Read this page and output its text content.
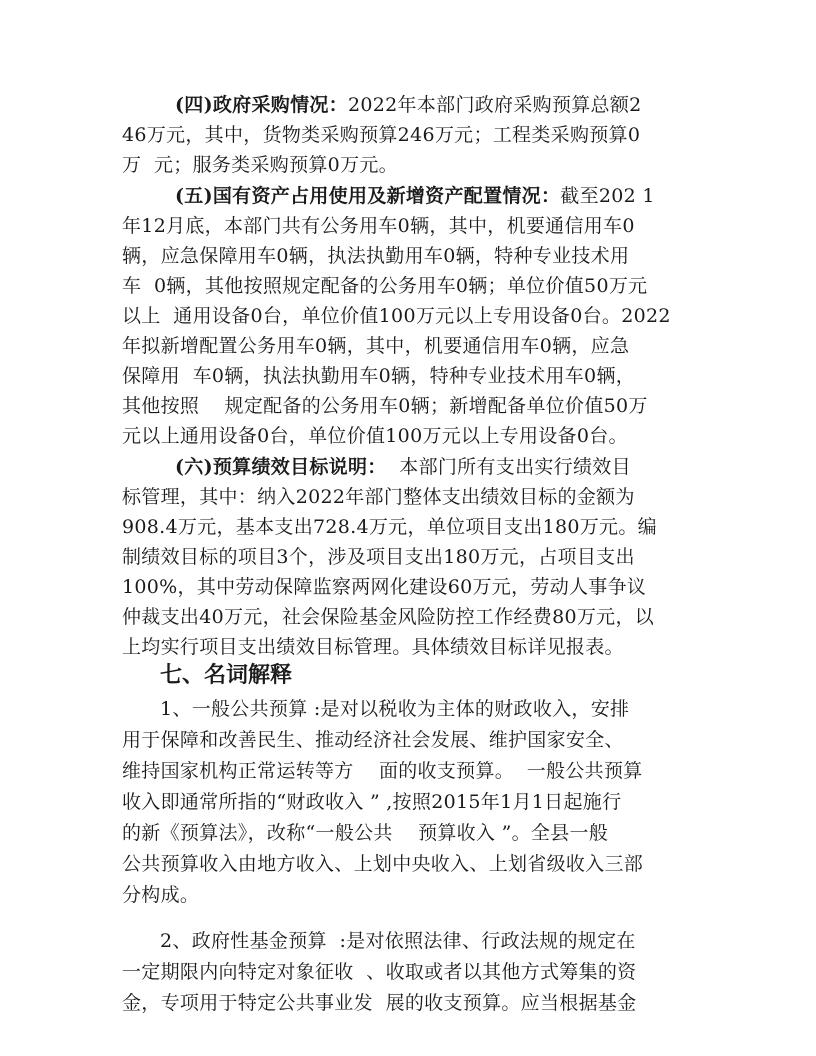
(四)政府采购情况：2022年本部门政府采购预算总额2
46万元，其中，货物类采购预算246万元；工程类采购预算0
万  元；服务类采购预算0万元。
(五)国有资产占用使用及新增资产配置情况：截至202 1
年12月底，本部门共有公务用车0辆，其中，机要通信用车0
辆，应急保障用车0辆，执法执勤用车0辆，特种专业技术用
车  0辆，其他按照规定配备的公务用车0辆；单位价值50万元
以上  通用设备0台，单位价值100万元以上专用设备0台。2022
年拟新增配置公务用车0辆，其中，机要通信用车0辆，应急
保障用  车0辆，执法执勤用车0辆，特种专业技术用车0辆，
其他按照    规定配备的公务用车0辆；新增配备单位价值50万
元以上通用设备0台，单位价值100万元以上专用设备0台。
(六)预算绩效目标说明：  本部门所有支出实行绩效目
标管理，其中：纳入2022年部门整体支出绩效目标的金额为
908.4万元，基本支出728.4万元，单位项目支出180万元。编
制绩效目标的项目3个，涉及项目支出180万元，占项目支出
100%，其中劳动保障监察两网化建设60万元，劳动人事争议
仲裁支出40万元，社会保险基金风险防控工作经费80万元，以
上均实行项目支出绩效目标管理。具体绩效目标详见报表。
七、名词解释
1、一般公共预算 :是对以税收为主体的财政收入，安排
用于保障和改善民生、推动经济社会发展、维护国家安全、
维持国家机构正常运转等方    面的收支预算。  一般公共预算
收入即通常所指的“财政收入 ” ,按照2015年1月1日起施行
的新《预算法》，改称“一般公共    预算收入 ”。全县一般
公共预算收入由地方收入、上划中央收入、上划省级收入三部
分构成。
2、政府性基金预算  :是对依照法律、行政法规的规定在
一定期限内向特定对象征收  、收取或者以其他方式筹集的资
金，专项用于特定公共事业发  展的收支预算。应当根据基金
